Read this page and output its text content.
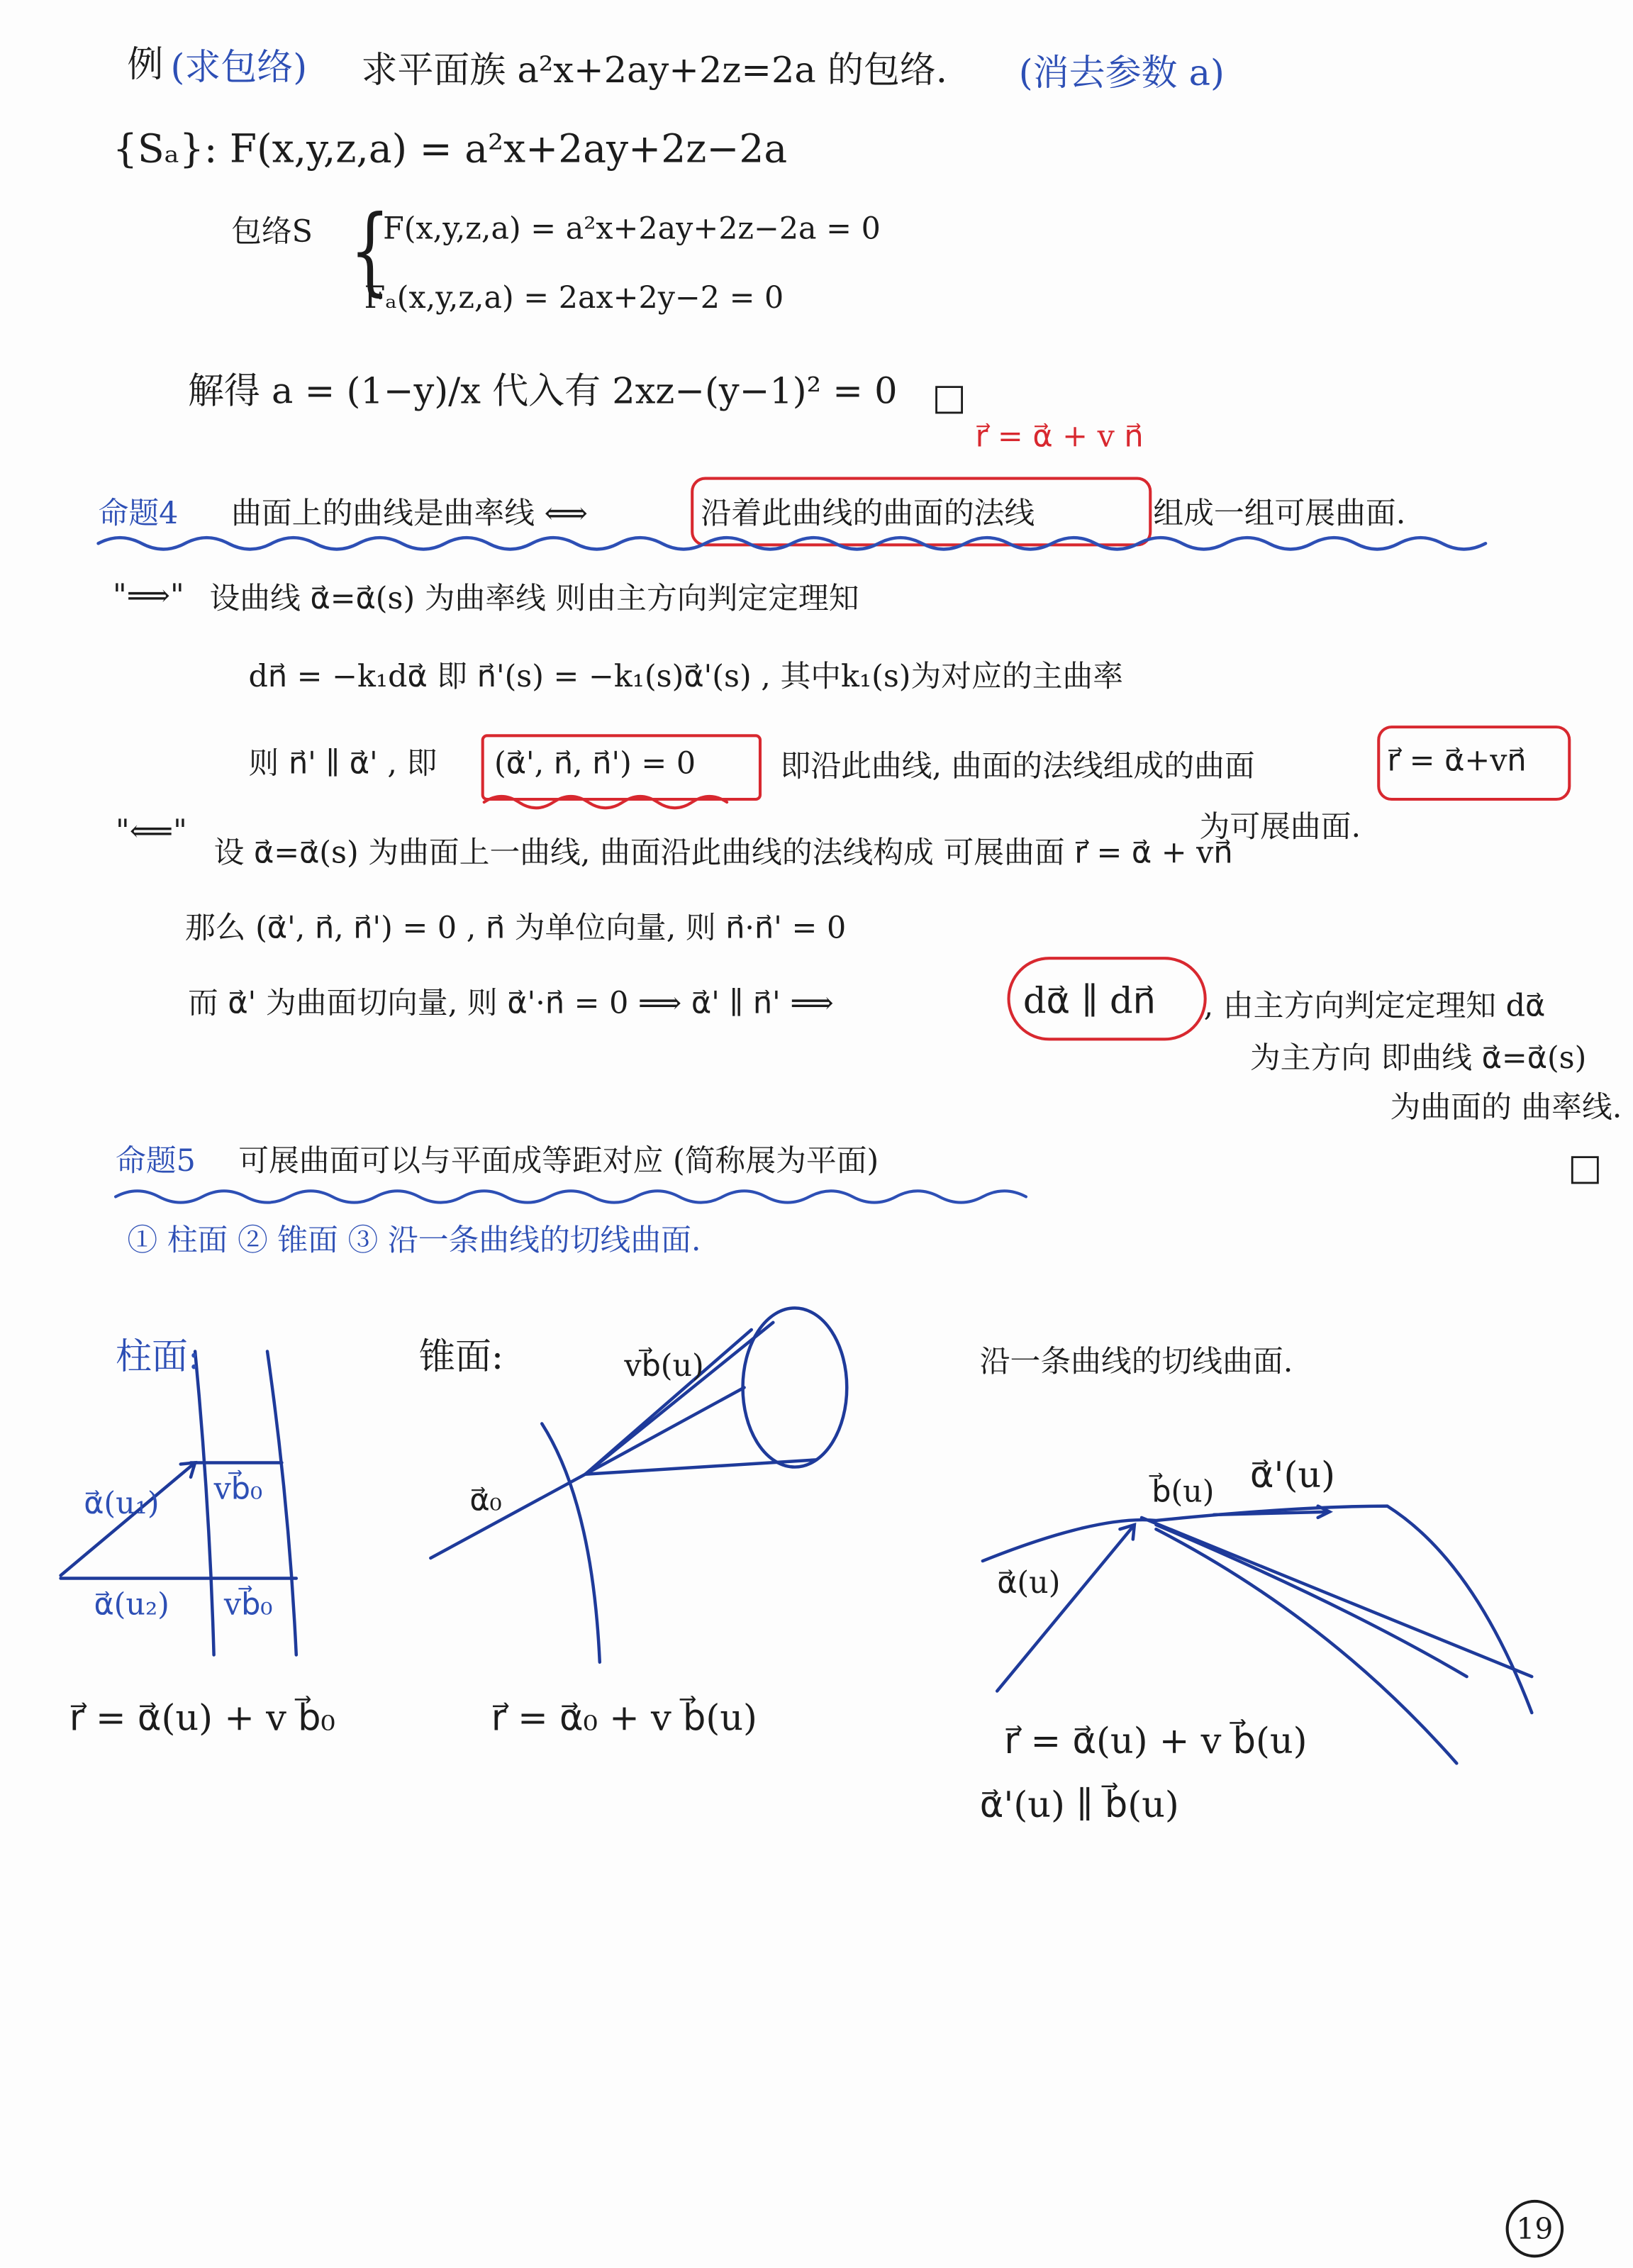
例 (求包络)	求平面族 a²x+2ay+2z=2a 的包络.	(消去参数 a)
{Sₐ}: F(x,y,z,a) = a²x+2ay+2z−2a
包络S {
F(x,y,z,a) = a²x+2ay+2z−2a = 0
Fₐ(x,y,z,a) = 2ax+2y−2 = 0
解得 a = (1−y)/x 代入有 2xz−(y−1)² = 0 □
r⃗ = α⃗ + v n⃗
命题4	曲面上的曲线是曲率线 ⟺	沿着此曲线的曲面的法线	组成一组可展曲面.
"⟹" 设曲线 α⃗=α⃗(s) 为曲率线 则由主方向判定定理知
dn⃗ = −k₁dα⃗ 即 n⃗'(s) = −k₁(s)α⃗'(s) , 其中k₁(s)为对应的主曲率
则 n⃗' ∥ α⃗' , 即	(α⃗', n⃗, n⃗') = 0	即沿此曲线, 曲面的法线组成的曲面	r⃗ = α⃗+vn⃗
为可展曲面.
"⟸"
设 α⃗=α⃗(s) 为曲面上一曲线, 曲面沿此曲线的法线构成 可展曲面 r⃗ = α⃗ + vn⃗
那么 (α⃗', n⃗, n⃗') = 0 , n⃗ 为单位向量, 则 n⃗·n⃗' = 0
而 α⃗' 为曲面切向量, 则 α⃗'·n⃗ = 0 ⟹ α⃗' ∥ n⃗' ⟹	dα⃗ ∥ dn⃗	, 由主方向判定定理知 dα⃗
为主方向 即曲线 α⃗=α⃗(s)
为曲面的 曲率线.
□
命题5	可展曲面可以与平面成等距对应 (简称展为平面)
① 柱面 ② 锥面 ③ 沿一条曲线的切线曲面.
柱面:
α⃗(u₁)	vb⃗₀
α⃗(u₂)	vb⃗₀
r⃗ = α⃗(u) + v b⃗₀
锥面:	vb⃗(u)
α⃗₀
r⃗ = α⃗₀ + v b⃗(u)
沿一条曲线的切线曲面.
b⃗(u) α⃗'(u)
α⃗(u)
r⃗ = α⃗(u) + v b⃗(u)
α⃗'(u) ∥ b⃗(u)
19
